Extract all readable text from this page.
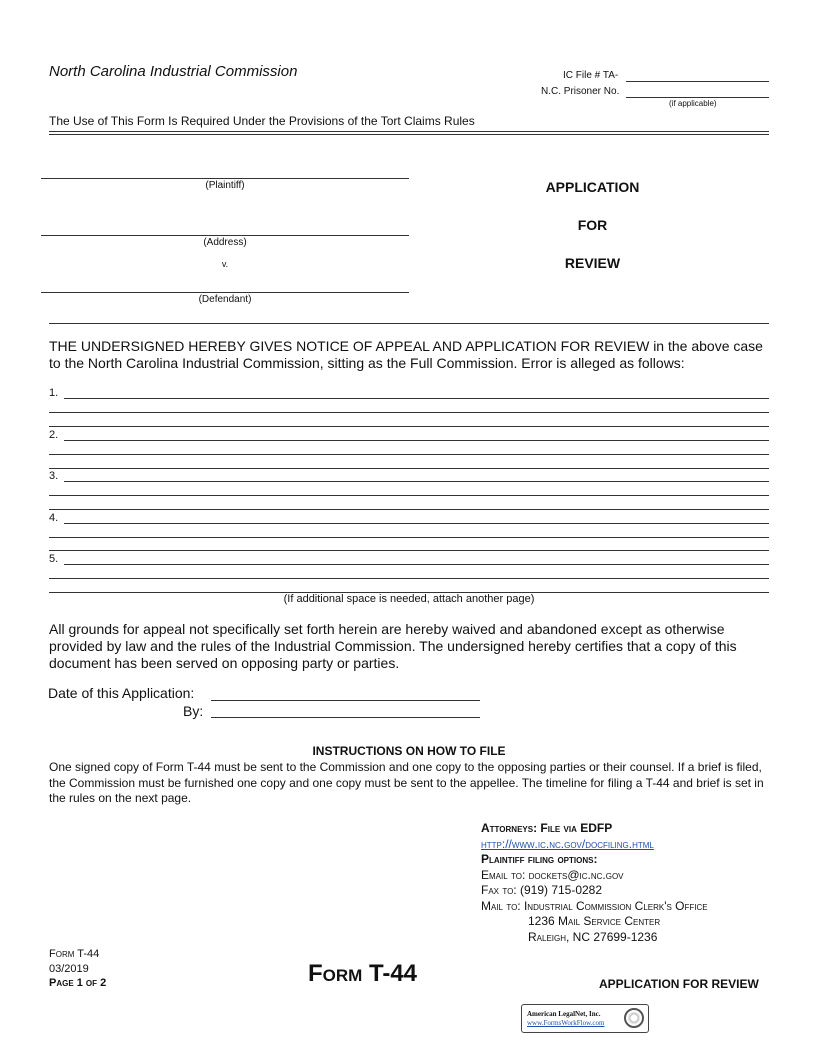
North Carolina Industrial Commission	IC File # TA-
N.C. Prisoner No.
(if applicable)
The Use of This Form Is Required Under the Provisions of the Tort Claims Rules
(Plaintiff)
(Address)
v.
(Defendant)
APPLICATION
FOR
REVIEW
THE UNDERSIGNED HEREBY GIVES NOTICE OF APPEAL AND APPLICATION FOR REVIEW in the above case to the North Carolina Industrial Commission, sitting as the Full Commission. Error is alleged as follows:
1.
2.
3.
4.
5.
(If additional space is needed, attach another page)
All grounds for appeal not specifically set forth herein are hereby waived and abandoned except as otherwise provided by law and the rules of the Industrial Commission. The undersigned hereby certifies that a copy of this document has been served on opposing party or parties.
Date of this Application:
By:
INSTRUCTIONS ON HOW TO FILE
One signed copy of Form T-44 must be sent to the Commission and one copy to the opposing parties or their counsel. If a brief is filed, the Commission must be furnished one copy and one copy must be sent to the appellee. The timeline for filing a T-44 and brief is set in the rules on the next page.
Attorneys: File via EDFP
http://www.ic.nc.gov/docfiling.html
Plaintiff filing options:
Email to: dockets@ic.nc.gov
Fax to: (919) 715-0282
Mail to: Industrial Commission Clerk's Office
1236 Mail Service Center
Raleigh, NC 27699-1236
Form T-44
03/2019
Page 1 of 2	Form T-44	APPLICATION FOR REVIEW
American LegalNet, Inc.
www.FormsWorkFlow.com
